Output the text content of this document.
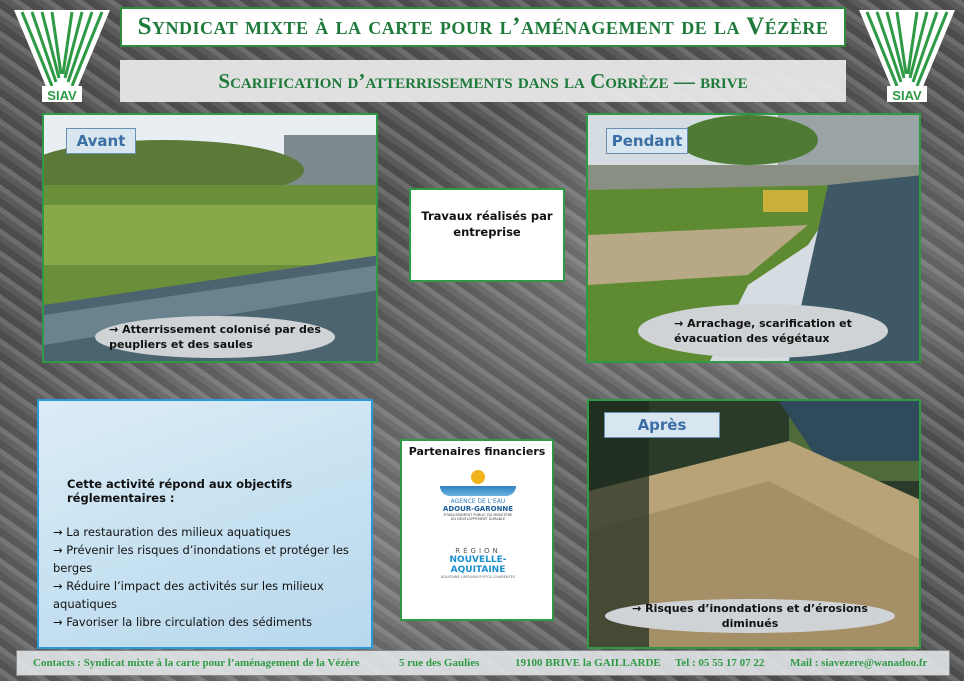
SIAV	SIAV
Syndicat mixte à la carte pour l’aménagement de la Vézère
Scarification d’atterrissements dans la Corrèze — brive
Avant
→ Atterrissement colonisé par des
peupliers et des saules
Travaux réalisés par
entreprise
Pendant
→ Arrachage, scarification et
évacuation des végétaux
Cette activité répond aux objectifs réglementaires :
→ La restauration des milieux aquatiques
→ Prévenir les risques d’inondations et protéger les berges
→ Réduire l’impact des activités sur les milieux aquatiques
→ Favoriser la libre circulation des sédiments
Partenaires financiers
AGENCE DE L’EAU
ADOUR-GARONNE
ÉTABLISSEMENT PUBLIC DU MINISTÈRE
DU DÉVELOPPEMENT DURABLE
RÉGION
NOUVELLE-
AQUITAINE
AQUITAINE LIMOUSIN POITOU-CHARENTES
Après
→ Risques d’inondations et d’érosions diminués
Contacts : Syndicat mixte à la carte pour l’aménagement de la Vézère	5 rue des Gaulies	19100 BRIVE la GAILLARDE Tel : 05 55 17 07 22 Mail : siavezere@wanadoo.fr
